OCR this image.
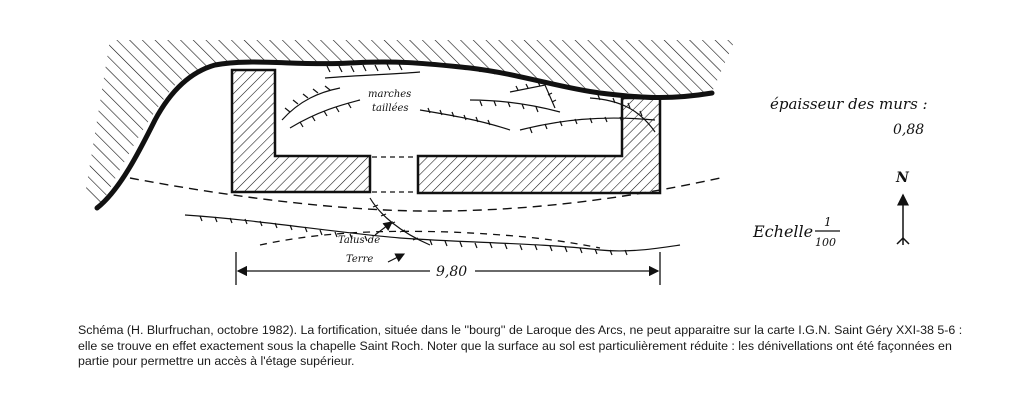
marches
taillées
Talus de
Terre
9,80
épaisseur des murs :
0,88
N
Echelle 1
100

Schéma (H. Blurfruchan, octobre 1982). La fortification, située dans le ''bourg'' de Laroque des Arcs, ne peut apparaitre sur la carte I.G.N. Saint Géry XXI-38 5-6 : elle se trouve en effet exactement sous la chapelle Saint Roch. Noter que la surface au sol est particulièrement réduite : les dénivellations ont été façonnées en partie pour permettre un accès à l'étage supérieur.
